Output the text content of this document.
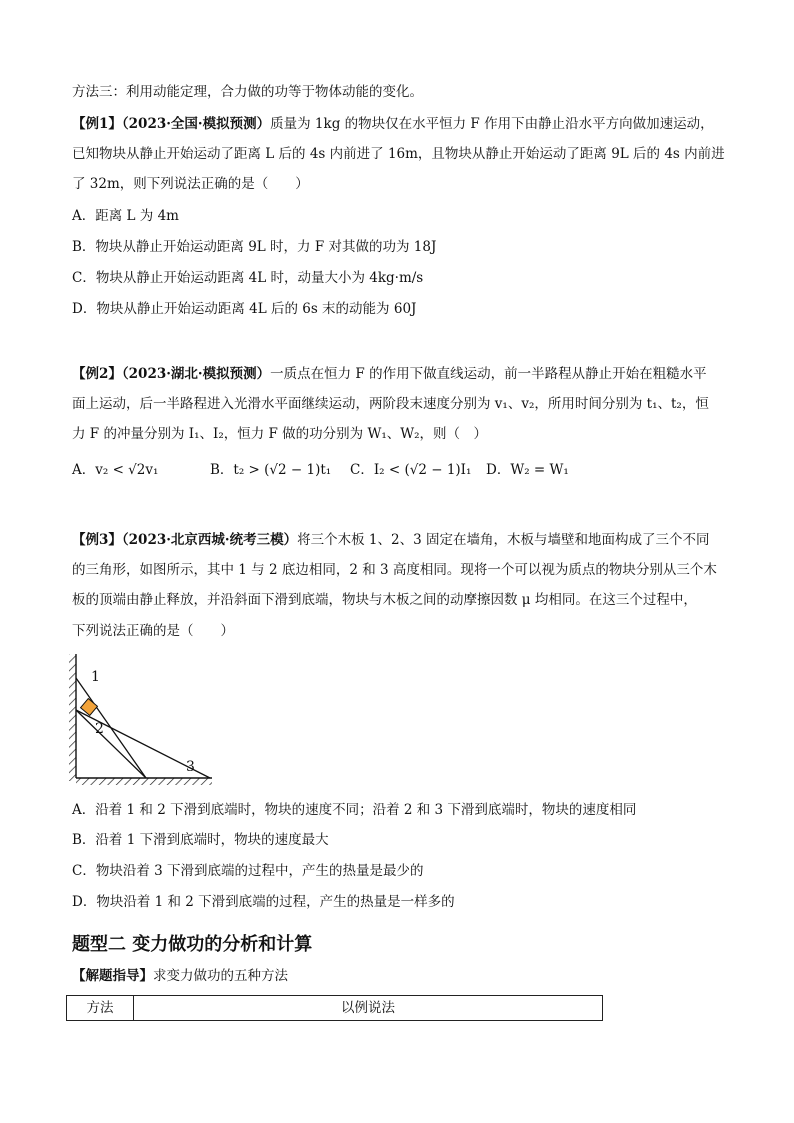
方法三：利用动能定理，合力做的功等于物体动能的变化。
【例1】（2023·全国·模拟预测）质量为 1kg 的物块仅在水平恒力 F 作用下由静止沿水平方向做加速运动，
已知物块从静止开始运动了距离 L 后的 4s 内前进了 16m，且物块从静止开始运动了距离 9L 后的 4s 内前进
了 32m，则下列说法正确的是（　　）
A．距离 L 为 4m
B．物块从静止开始运动距离 9L 时，力 F 对其做的功为 18J
C．物块从静止开始运动距离 4L 时，动量大小为 4kg·m/s
D．物块从静止开始运动距离 4L 后的 6s 末的动能为 60J
【例2】（2023·湖北·模拟预测）一质点在恒力 F 的作用下做直线运动，前一半路程从静止开始在粗糙水平
面上运动，后一半路程进入光滑水平面继续运动，两阶段末速度分别为 v₁、v₂，所用时间分别为 t₁、t₂，恒
力 F 的冲量分别为 I₁、I₂，恒力 F 做的功分别为 W₁、W₂，则（　）
A．v₂ < √2v₁	B．t₂ > (√2 − 1)t₁ C．I₂ < (√2 − 1)I₁ D．W₂ = W₁
【例3】（2023·北京西城·统考三模）将三个木板 1、2、3 固定在墙角，木板与墙壁和地面构成了三个不同
的三角形，如图所示，其中 1 与 2 底边相同，2 和 3 高度相同。现将一个可以视为质点的物块分别从三个木
板的顶端由静止释放，并沿斜面下滑到底端，物块与木板之间的动摩擦因数 μ 均相同。在这三个过程中，
下列说法正确的是（　　）
1
2
3
A．沿着 1 和 2 下滑到底端时，物块的速度不同；沿着 2 和 3 下滑到底端时，物块的速度相同
B．沿着 1 下滑到底端时，物块的速度最大
C．物块沿着 3 下滑到底端的过程中，产生的热量是最少的
D．物块沿着 1 和 2 下滑到底端的过程，产生的热量是一样多的
题型二 变力做功的分析和计算
【解题指导】求变力做功的五种方法
方法	以例说法
